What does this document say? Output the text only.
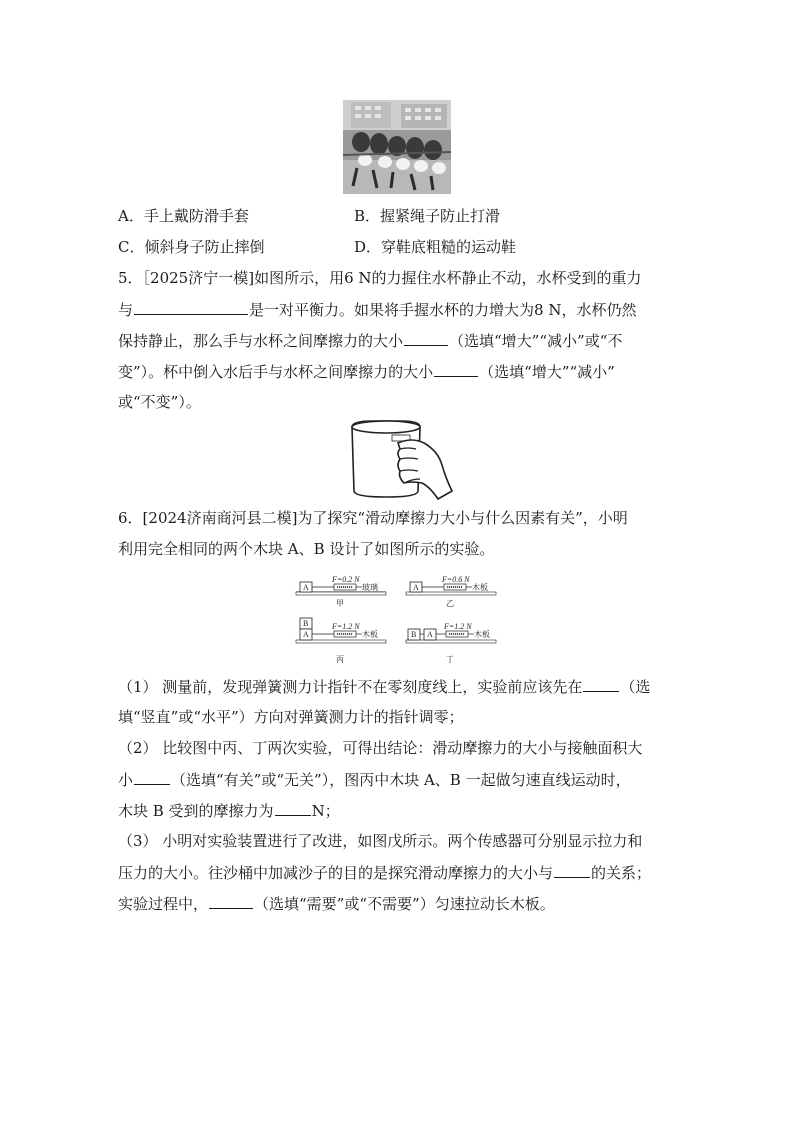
A．手上戴防滑手套	B．握紧绳子防止打滑
C．倾斜身子防止摔倒	D．穿鞋底粗糙的运动鞋
5．［2025济宁一模]如图所示，用6 N的力握住水杯静止不动，水杯受到的重力
与	是一对平衡力。如果将手握水杯的力增大为8 N，水杯仍然
保持静止，那么手与水杯之间摩擦力的大小	（选填“增大”“减小”或“不
变”）。杯中倒入水后手与水杯之间摩擦力的大小	（选填“增大”“减小”
或“不变”）。
6．[2024济南商河县二模]为了探究“滑动摩擦力大小与什么因素有关”，小明
利用完全相同的两个木块 A、B 设计了如图所示的实验。
A
F=0.2 N
玻璃
甲
A
F=0.6 N
木板
乙
B
A
F=1.2 N
木板
丙
B A
F=1.2 N
木板
丁
（1） 测量前，发现弹簧测力计指针不在零刻度线上，实验前应该先在	（选
填“竖直”或“水平”）方向对弹簧测力计的指针调零；
（2） 比较图中丙、丁两次实验，可得出结论：滑动摩擦力的大小与接触面积大
小	（选填“有关”或“无关”），图丙中木块 A、B 一起做匀速直线运动时，
木块 B 受到的摩擦力为	N；
（3） 小明对实验装置进行了改进，如图戊所示。两个传感器可分别显示拉力和
压力的大小。往沙桶中加减沙子的目的是探究滑动摩擦力的大小与	的关系；
实验过程中，	（选填“需要”或“不需要”）匀速拉动长木板。
